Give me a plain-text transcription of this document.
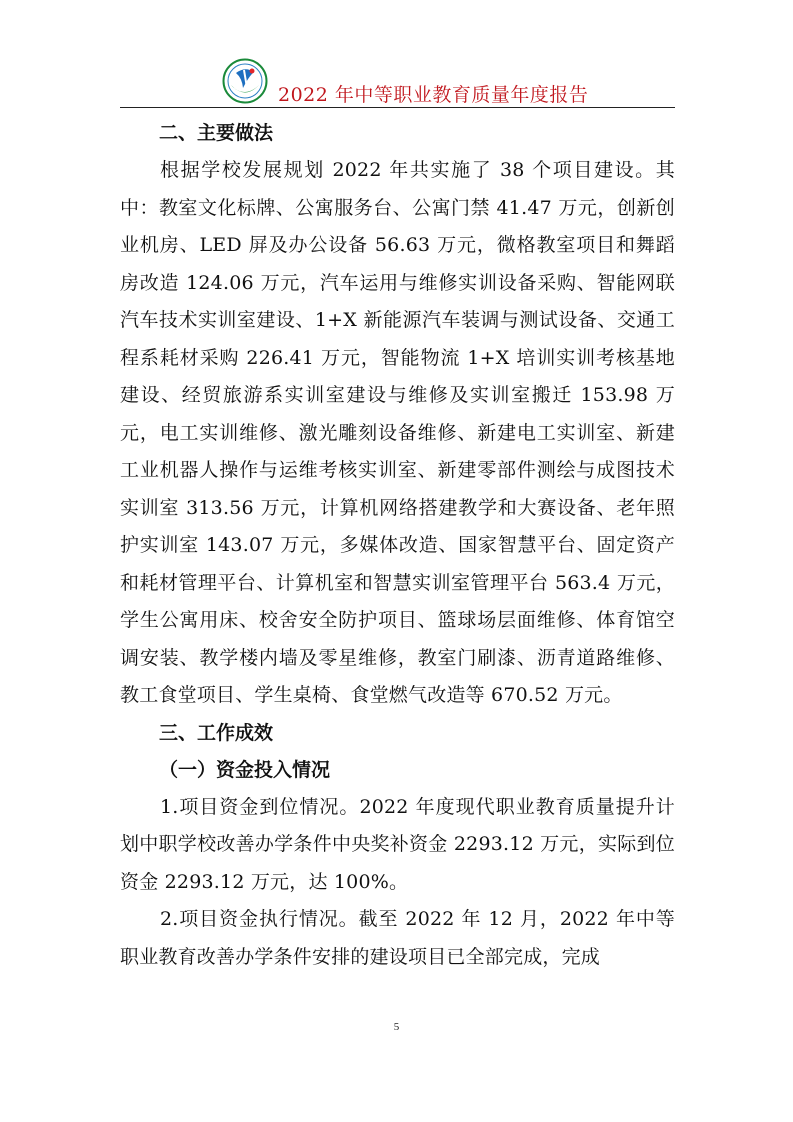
2022 年中等职业教育质量年度报告
二、主要做法

根据学校发展规划 2022 年共实施了 38 个项目建设。其中：教室文化标牌、公寓服务台、公寓门禁 41.47 万元，创新创业机房、LED 屏及办公设备 56.63 万元，微格教室项目和舞蹈房改造 124.06 万元，汽车运用与维修实训设备采购、智能网联汽车技术实训室建设、1+X 新能源汽车装调与测试设备、交通工程系耗材采购 226.41 万元，智能物流 1+X 培训实训考核基地建设、经贸旅游系实训室建设与维修及实训室搬迁 153.98 万元，电工实训维修、激光雕刻设备维修、新建电工实训室、新建工业机器人操作与运维考核实训室、新建零部件测绘与成图技术实训室 313.56 万元，计算机网络搭建教学和大赛设备、老年照护实训室 143.07 万元，多媒体改造、国家智慧平台、固定资产和耗材管理平台、计算机室和智慧实训室管理平台 563.4 万元，学生公寓用床、校舍安全防护项目、篮球场层面维修、体育馆空调安装、教学楼内墙及零星维修，教室门刷漆、沥青道路维修、教工食堂项目、学生桌椅、食堂燃气改造等 670.52 万元。

三、工作成效
（一）资金投入情况

1.项目资金到位情况。2022 年度现代职业教育质量提升计划中职学校改善办学条件中央奖补资金 2293.12 万元，实际到位资金 2293.12 万元，达 100%。

2.项目资金执行情况。截至 2022 年 12 月，2022 年中等职业教育改善办学条件安排的建设项目已全部完成，完成

5
